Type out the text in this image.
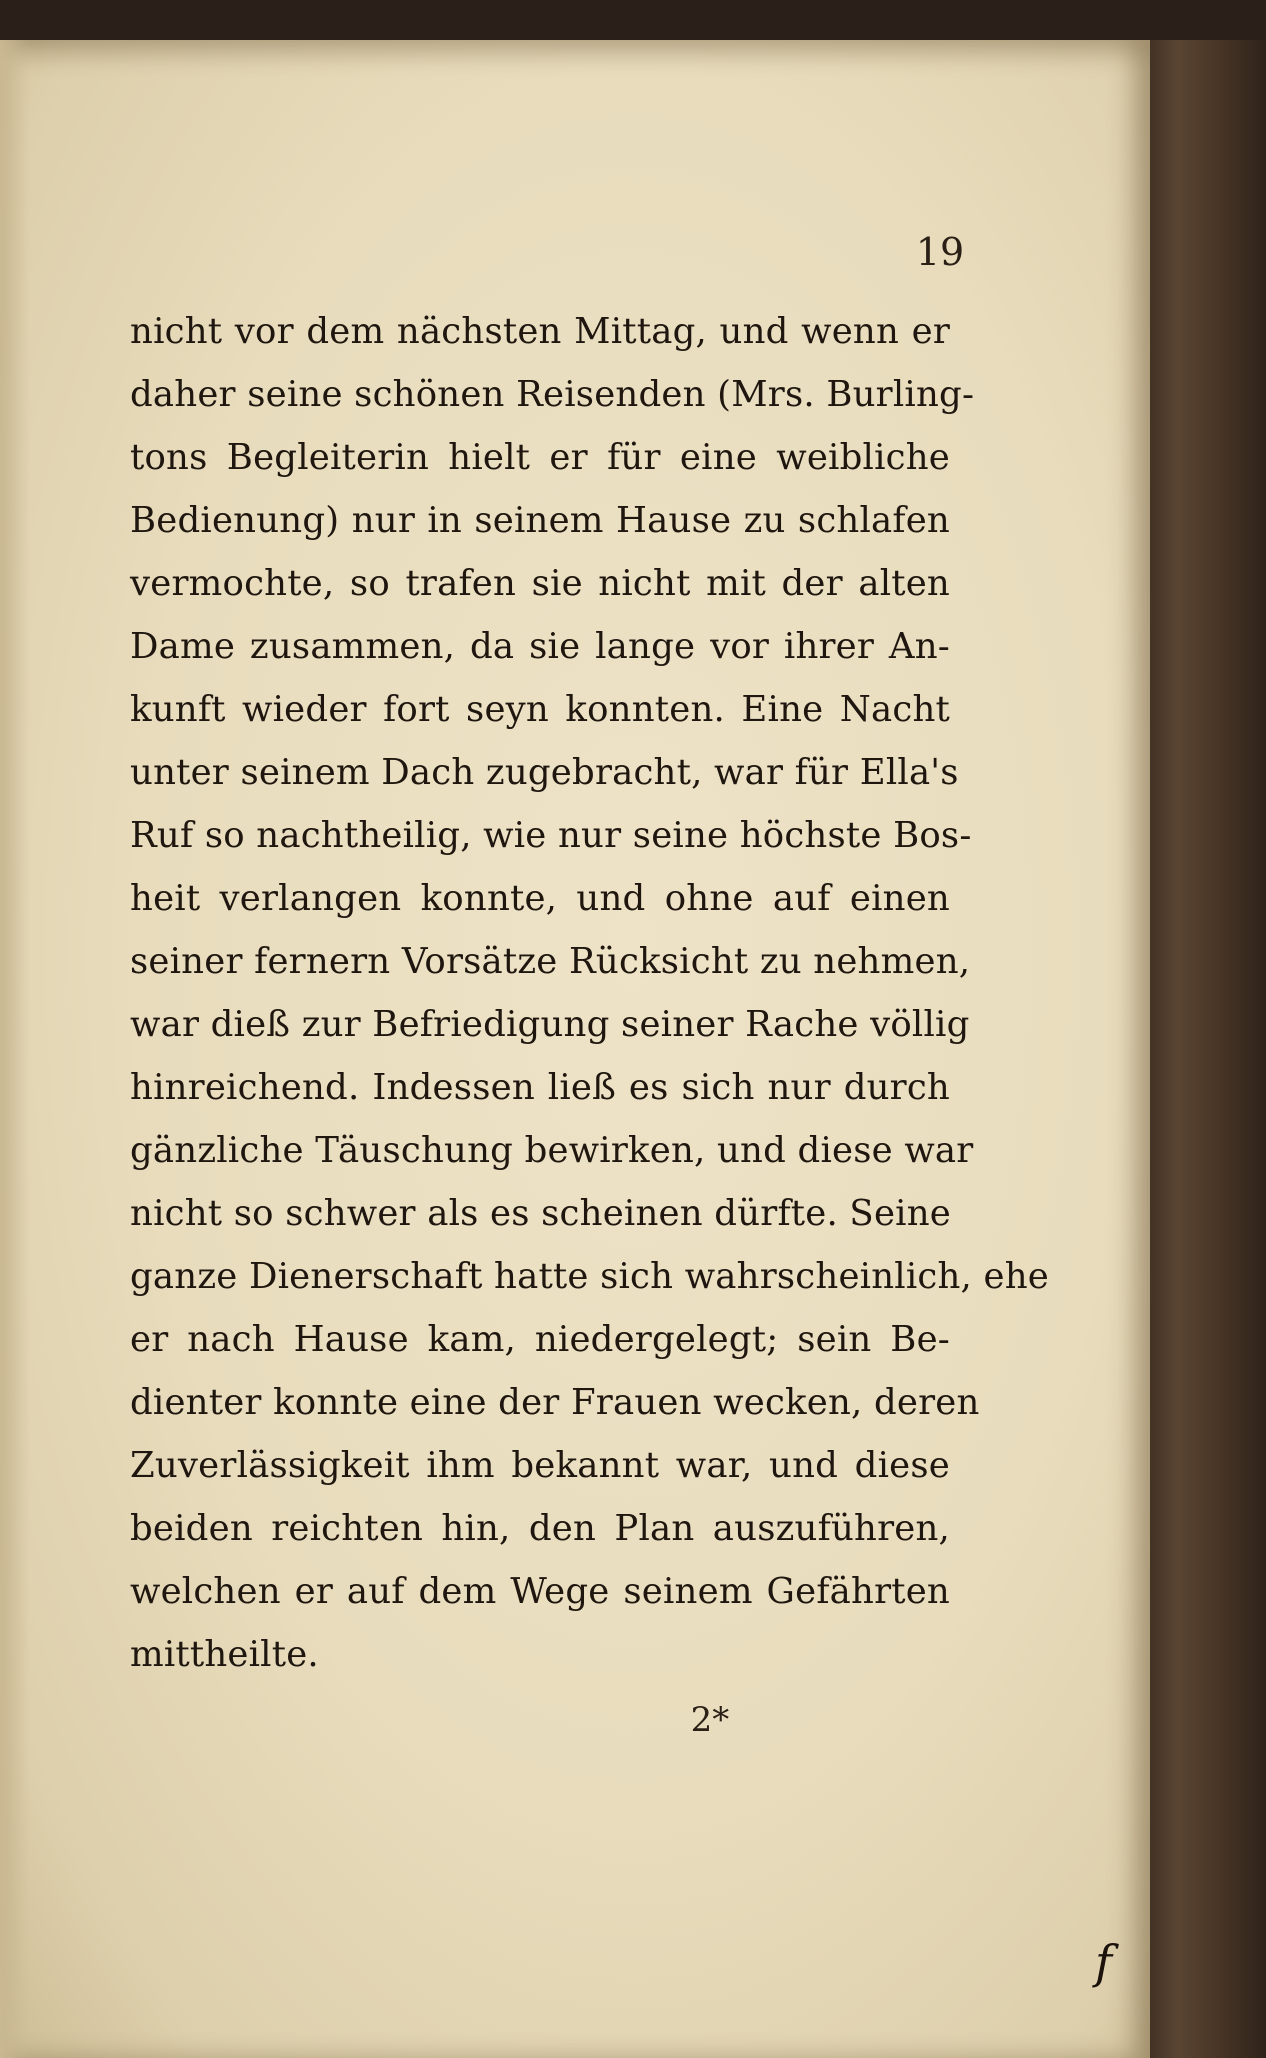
19
nicht vor dem nächsten Mittag, und wenn er
daher seine schönen Reisenden (Mrs. Burling-
tons Begleiterin hielt er für eine weibliche
Bedienung) nur in seinem Hause zu schlafen
vermochte, so trafen sie nicht mit der alten
Dame zusammen, da sie lange vor ihrer An-
kunft wieder fort seyn konnten. Eine Nacht
unter seinem Dach zugebracht, war für Ella's
Ruf so nachtheilig, wie nur seine höchste Bos-
heit verlangen konnte, und ohne auf einen
seiner fernern Vorsätze Rücksicht zu nehmen,
war dieß zur Befriedigung seiner Rache völlig
hinreichend. Indessen ließ es sich nur durch
gänzliche Täuschung bewirken, und diese war
nicht so schwer als es scheinen dürfte. Seine
ganze Dienerschaft hatte sich wahrscheinlich, ehe
er nach Hause kam, niedergelegt; sein Be-
dienter konnte eine der Frauen wecken, deren
Zuverlässigkeit ihm bekannt war, und diese
beiden reichten hin, den Plan auszuführen,
welchen er auf dem Wege seinem Gefährten
mittheilte.
2*
f
